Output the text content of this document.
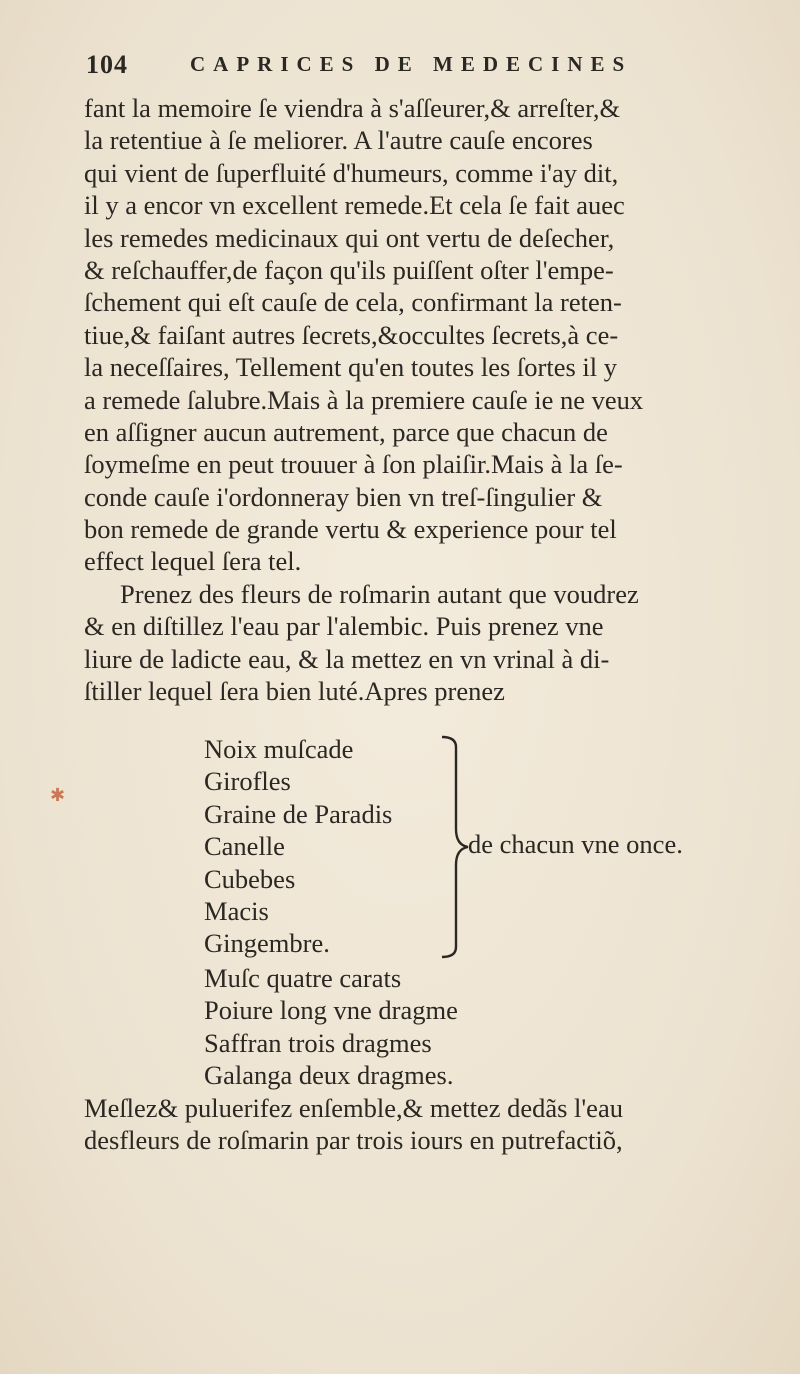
104	CAPRICES DE MEDECINES
fant la memoire ſe viendra à s'aſſeurer,& arreſter,&
la retentiue à ſe meliorer. A l'autre cauſe encores
qui vient de ſuperfluité d'humeurs, comme i'ay dit,
il y a encor vn excellent remede.Et cela ſe fait auec
les remedes medicinaux qui ont vertu de deſecher,
& reſchauffer,de façon qu'ils puiſſent oſter l'empe-
ſchement qui eſt cauſe de cela, confirmant la reten-
tiue,& faiſant autres ſecrets,&occultes ſecrets,à ce-
la neceſſaires, Tellement qu'en toutes les ſortes il y
a remede ſalubre.Mais à la premiere cauſe ie ne veux
en aſſigner aucun autrement, parce que chacun de
ſoymeſme en peut trouuer à ſon plaiſir.Mais à la ſe-
conde cauſe i'ordonneray bien vn treſ-ſingulier &
bon remede de grande vertu & experience pour tel
effect lequel ſera tel.
Prenez des fleurs de roſmarin autant que voudrez
& en diſtillez l'eau par l'alembic. Puis prenez vne
liure de ladicte eau, & la mettez en vn vrinal à di-
ſtiller lequel ſera bien luté.Apres prenez
Noix muſcade
Girofles
Graine de Paradis
Canelle
Cubebes
Macis
Gingembre.
de chacun vne once.
Muſc quatre carats
Poiure long vne dragme
Saffran trois dragmes
Galanga deux dragmes.
Meſlez& puluerifez enſemble,& mettez dedãs l'eau
desfleurs de roſmarin par trois iours en putrefactiõ,
✱
